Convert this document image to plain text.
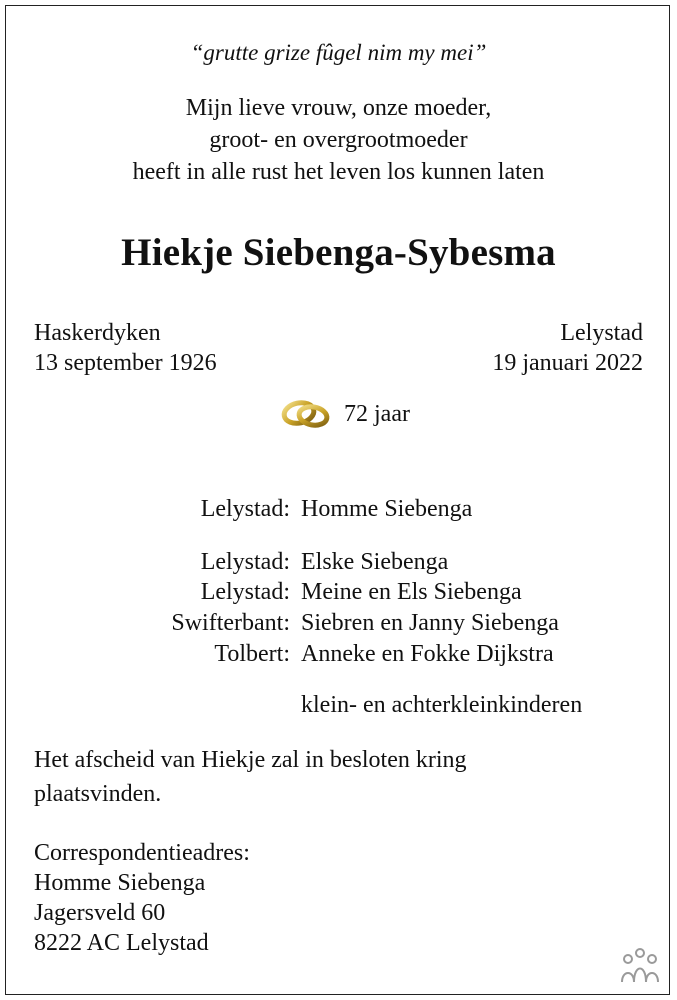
“grutte grize fûgel nim my mei”
Mijn lieve vrouw, onze moeder,
groot- en overgrootmoeder
heeft in alle rust het leven los kunnen laten
Hiekje Siebenga-Sybesma
Haskerdyken
13 september 1926
Lelystad
19 januari 2022
72 jaar
Lelystad: Homme Siebenga
Lelystad: Elske Siebenga
Lelystad: Meine en Els Siebenga
Swifterbant: Siebren en Janny Siebenga
Tolbert: Anneke en Fokke Dijkstra
klein- en achterkleinkinderen
Het afscheid van Hiekje zal in besloten kring
plaatsvinden.
Correspondentieadres:
Homme Siebenga
Jagersveld 60
8222 AC Lelystad
